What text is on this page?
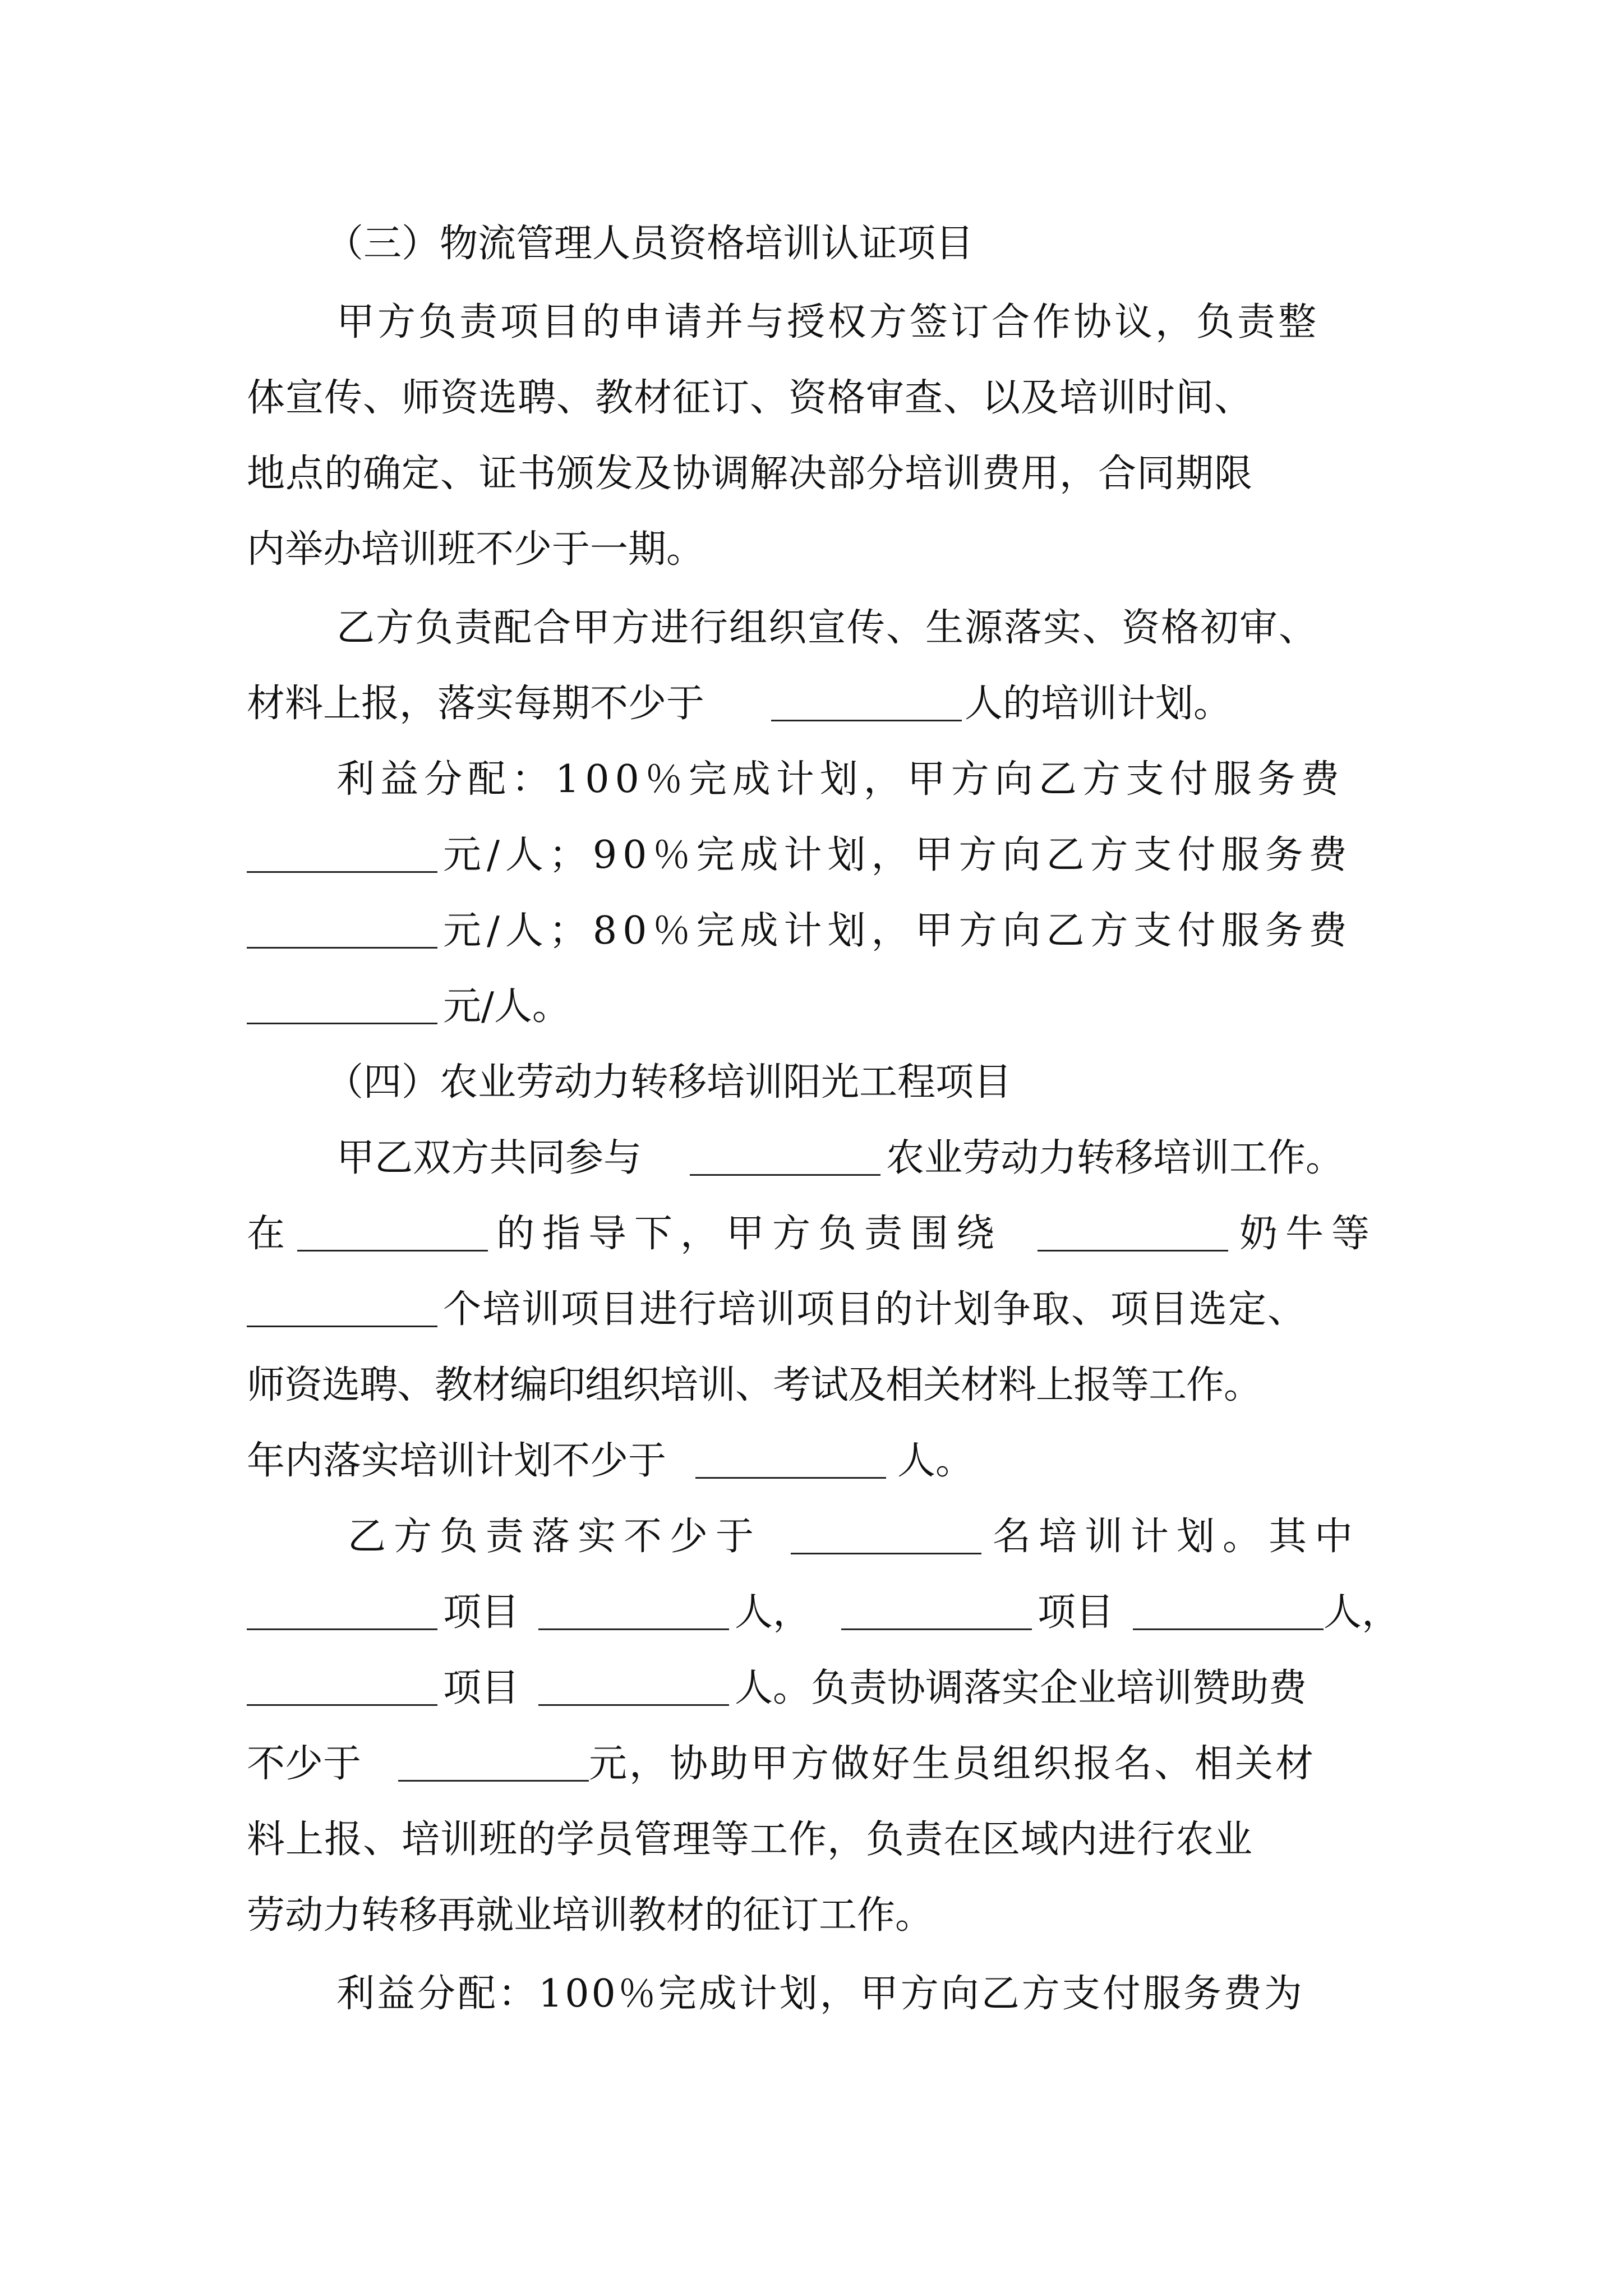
（三）物流管理人员资格培训认证项目
甲方负责项目的申请并与授权方签订合作协议，负责整
体宣传、师资选聘、教材征订、资格审查、以及培训时间、
地点的确定、证书颁发及协调解决部分培训费用，合同期限
内举办培训班不少于一期。
乙方负责配合甲方进行组织宣传、生源落实、资格初审、
材料上报，落实每期不少于	人的培训计划。
利益分配：100％完成计划，甲方向乙方支付服务费
元/人；90％完成计划，甲方向乙方支付服务费
元/人；80％完成计划，甲方向乙方支付服务费
元/人。
（四）农业劳动力转移培训阳光工程项目
甲乙双方共同参与	农业劳动力转移培训工作。
在	的指导下，甲方负责围绕	奶牛等
个培训项目进行培训项目的计划争取、项目选定、
师资选聘、教材编印组织培训、考试及相关材料上报等工作。
年内落实培训计划不少于	人。
乙方负责落实不少于	名培训计划。其中
项目	人，	项目	人，
项目	人。负责协调落实企业培训赞助费
不少于	元，协助甲方做好生员组织报名、相关材
料上报、培训班的学员管理等工作，负责在区域内进行农业
劳动力转移再就业培训教材的征订工作。
利益分配：100％完成计划，甲方向乙方支付服务费为
